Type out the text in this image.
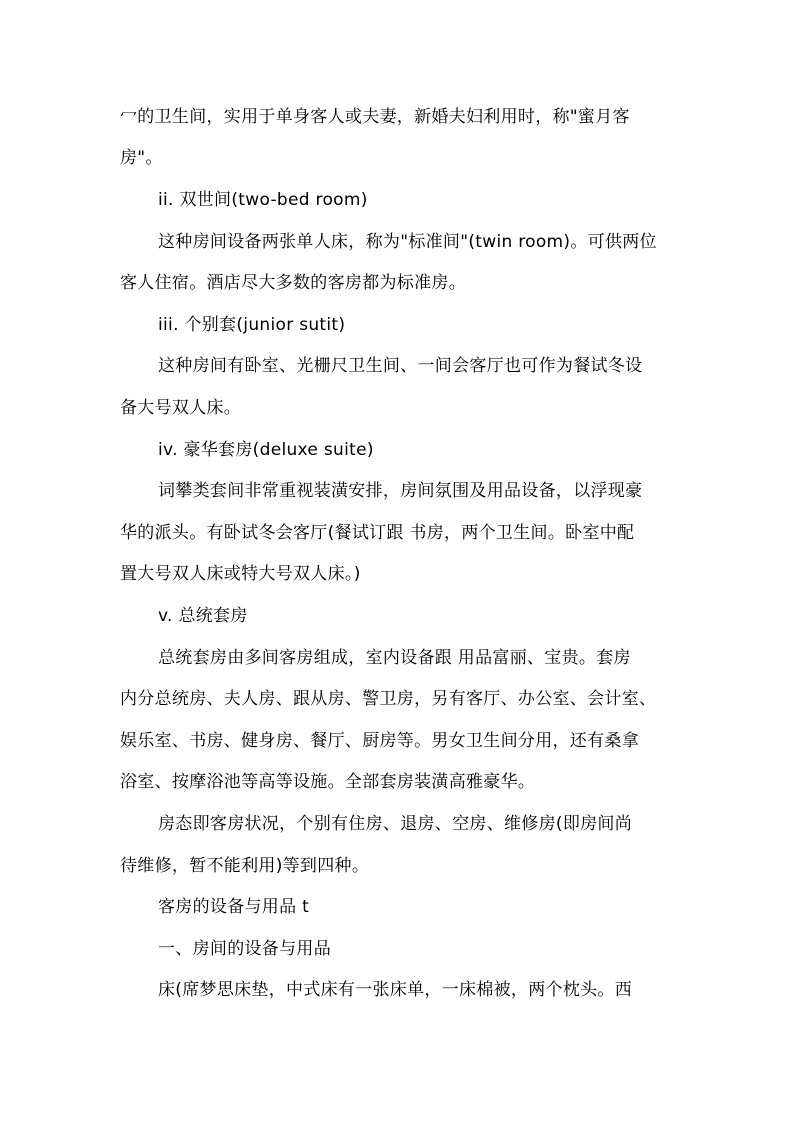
冖的卫生间，实用于单身客人或夫妻，新婚夫妇利用时，称"蜜月客
房"。
ii. 双世间(two-bed room)
这种房间设备两张单人床，称为"标准间"(twin room)。可供两位
客人住宿。酒店尽大多数的客房都为标准房。
iii. 个别套(junior sutit)
这种房间有卧室、光栅尺卫生间、一间会客厅也可作为餐试冬设
备大号双人床。
iv. 豪华套房(deluxe suite)
词攀类套间非常重视装潢安排，房间氛围及用品设备，以浮现豪
华的派头。有卧试冬会客厅(餐试订跟 书房，两个卫生间。卧室中配
置大号双人床或特大号双人床。)
v. 总统套房
总统套房由多间客房组成，室内设备跟 用品富丽、宝贵。套房
内分总统房、夫人房、跟从房、警卫房，另有客厅、办公室、会计室、
娱乐室、书房、健身房、餐厅、厨房等。男女卫生间分用，还有桑拿
浴室、按摩浴池等高等设施。全部套房装潢高雅豪华。
房态即客房状况，个别有住房、退房、空房、维修房(即房间尚
待维修，暂不能利用)等到四种。
客房的设备与用品 t
一、房间的设备与用品
床(席梦思床垫，中式床有一张床单，一床棉被，两个枕头。西
